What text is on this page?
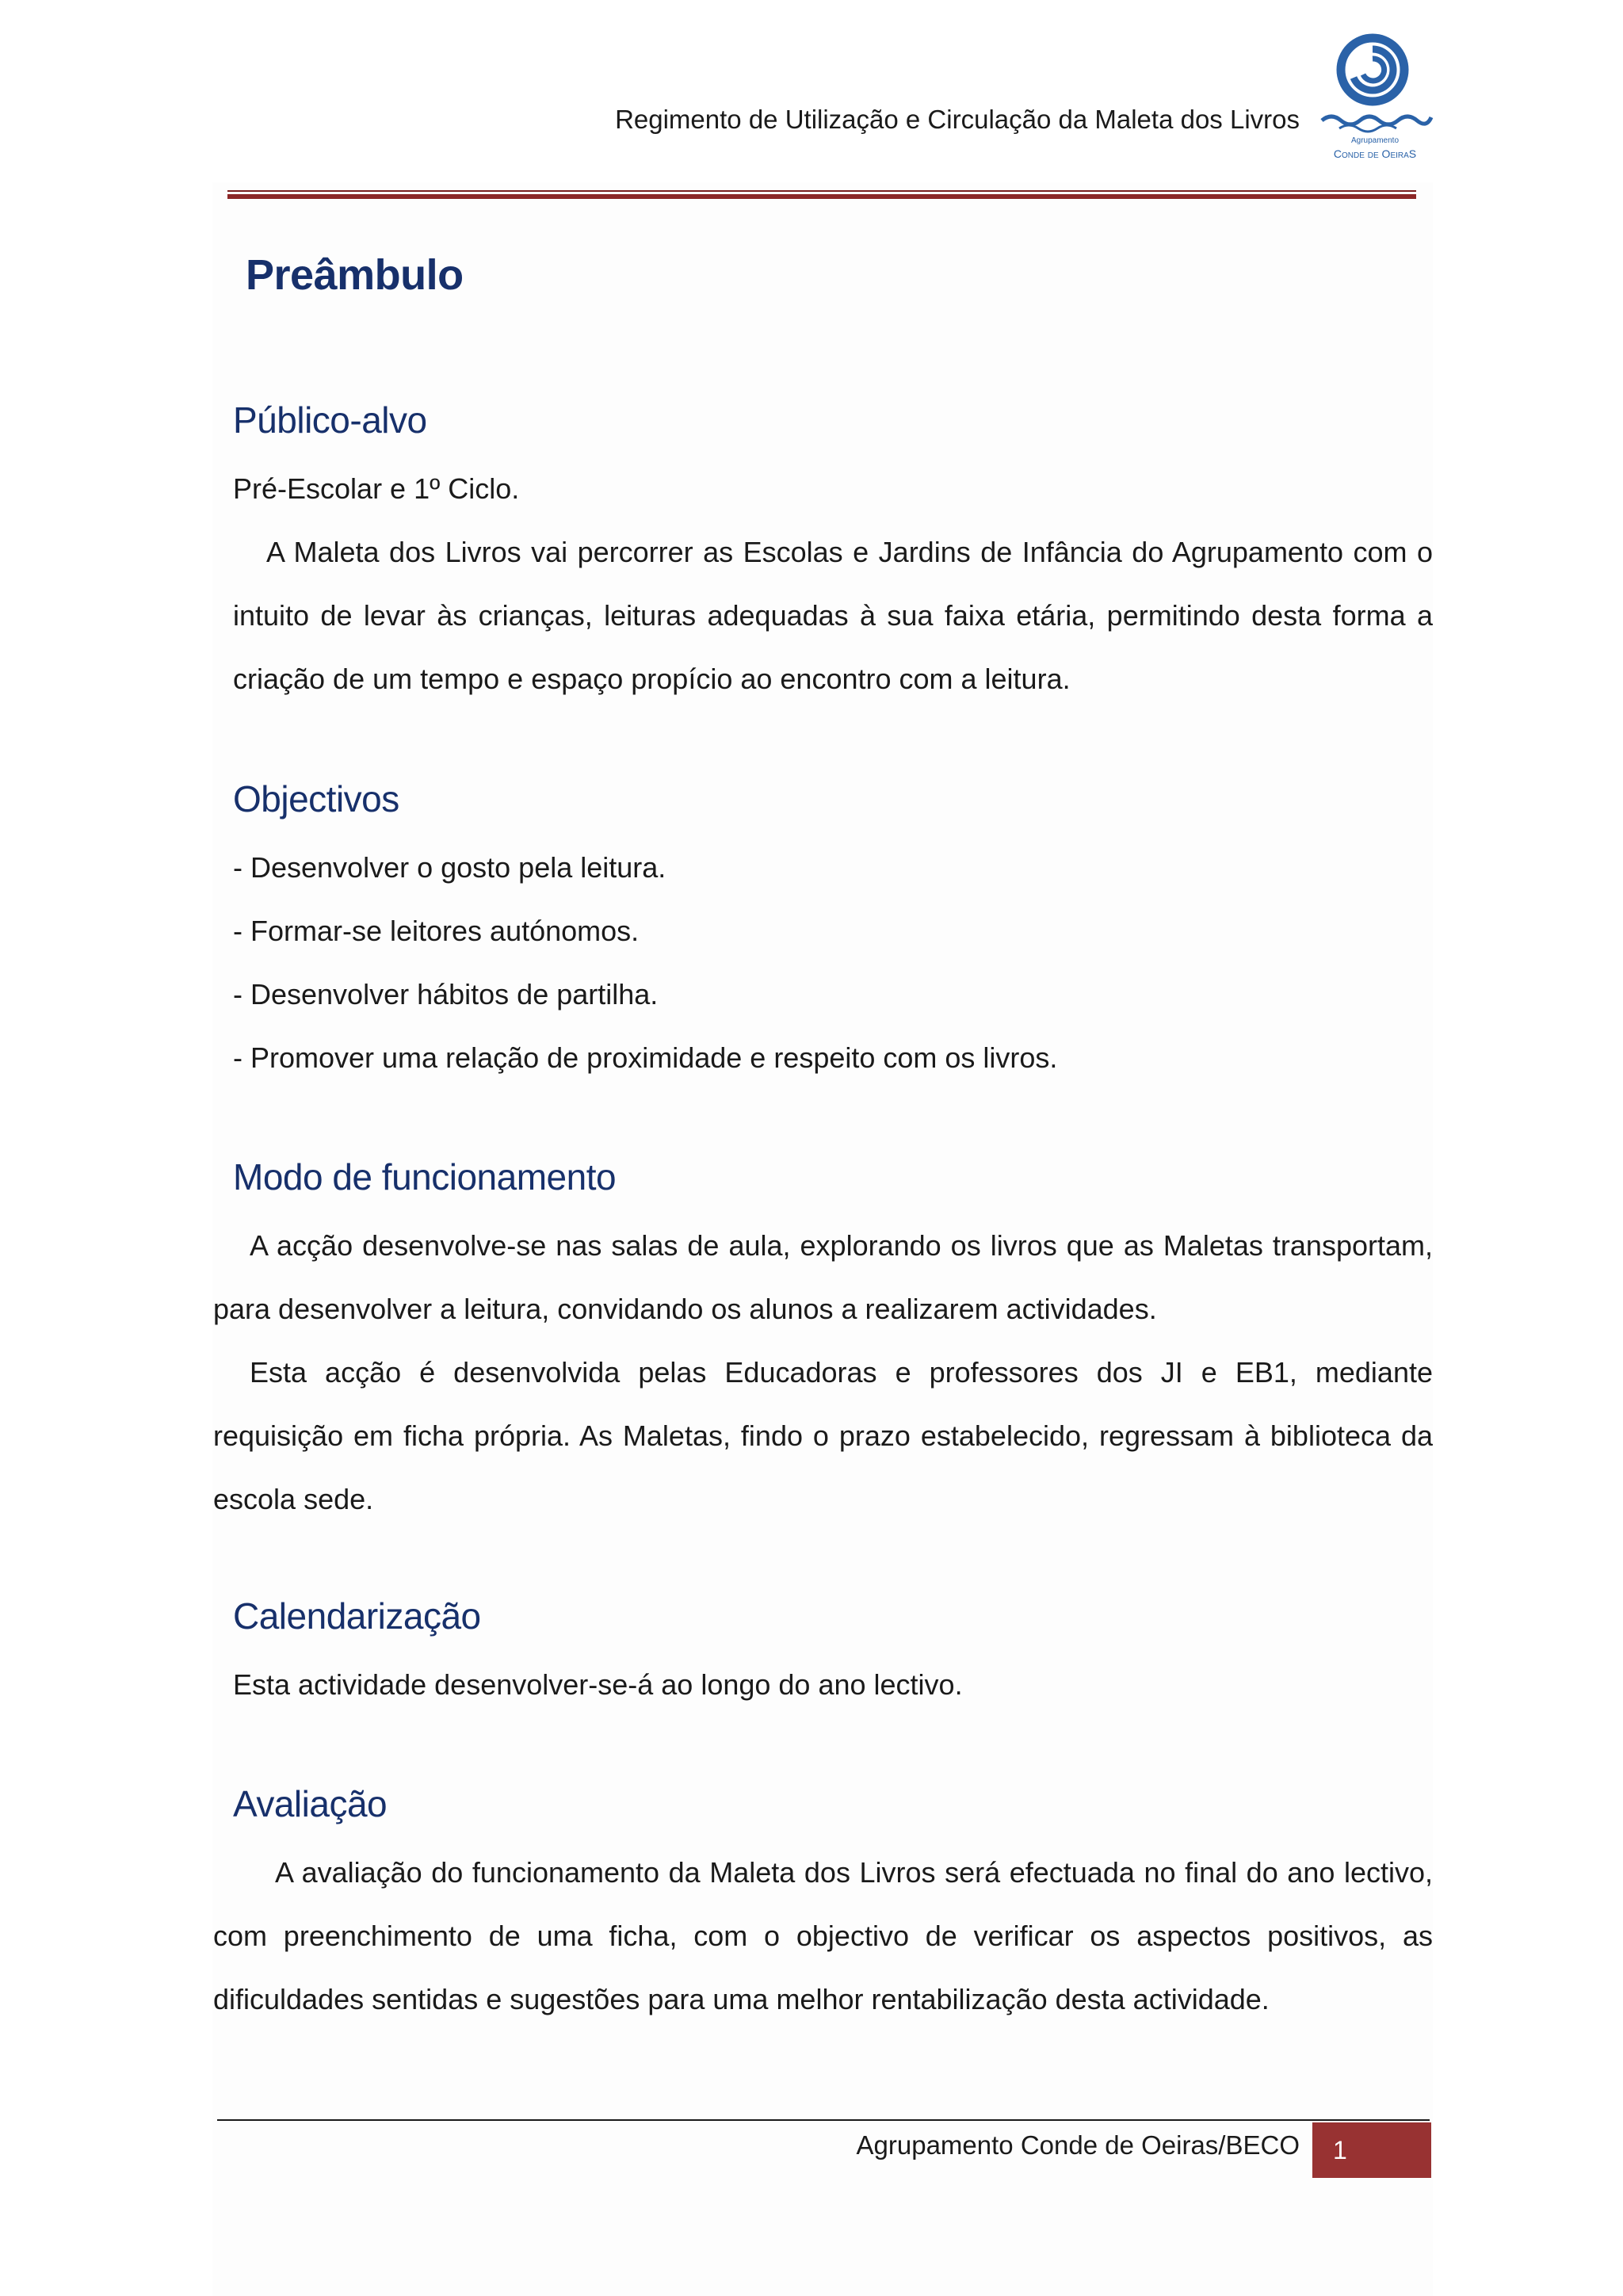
Regimento de Utilização e Circulação da Maleta dos Livros
Agrupamento
Conde de OeiraS
Preâmbulo
Público-alvo

Pré-Escolar e 1º Ciclo.

A Maleta dos Livros vai percorrer as Escolas e Jardins de Infância do Agrupamento com o intuito de levar às crianças, leituras adequadas à sua faixa etária, permitindo desta forma a criação de um tempo e espaço propício ao encontro com a leitura.

Objectivos

- Desenvolver o gosto pela leitura.

- Formar-se leitores autónomos.

- Desenvolver hábitos de partilha.

- Promover uma relação de proximidade e respeito com os livros.

Modo de funcionamento

A acção desenvolve-se nas salas de aula, explorando os livros que as Maletas transportam, para desenvolver a leitura, convidando os alunos a realizarem actividades.

Esta acção é desenvolvida pelas Educadoras e professores dos JI e EB1, mediante requisição em ficha própria. As Maletas, findo o prazo estabelecido, regressam à biblioteca da escola sede.

Calendarização

Esta actividade desenvolver-se-á ao longo do ano lectivo.

Avaliação

A avaliação do funcionamento da Maleta dos Livros será efectuada no final do ano lectivo, com preenchimento de uma ficha, com o objectivo de verificar os aspectos positivos, as dificuldades sentidas e sugestões para uma melhor rentabilização desta actividade.

Agrupamento Conde de Oeiras/BECO	1
